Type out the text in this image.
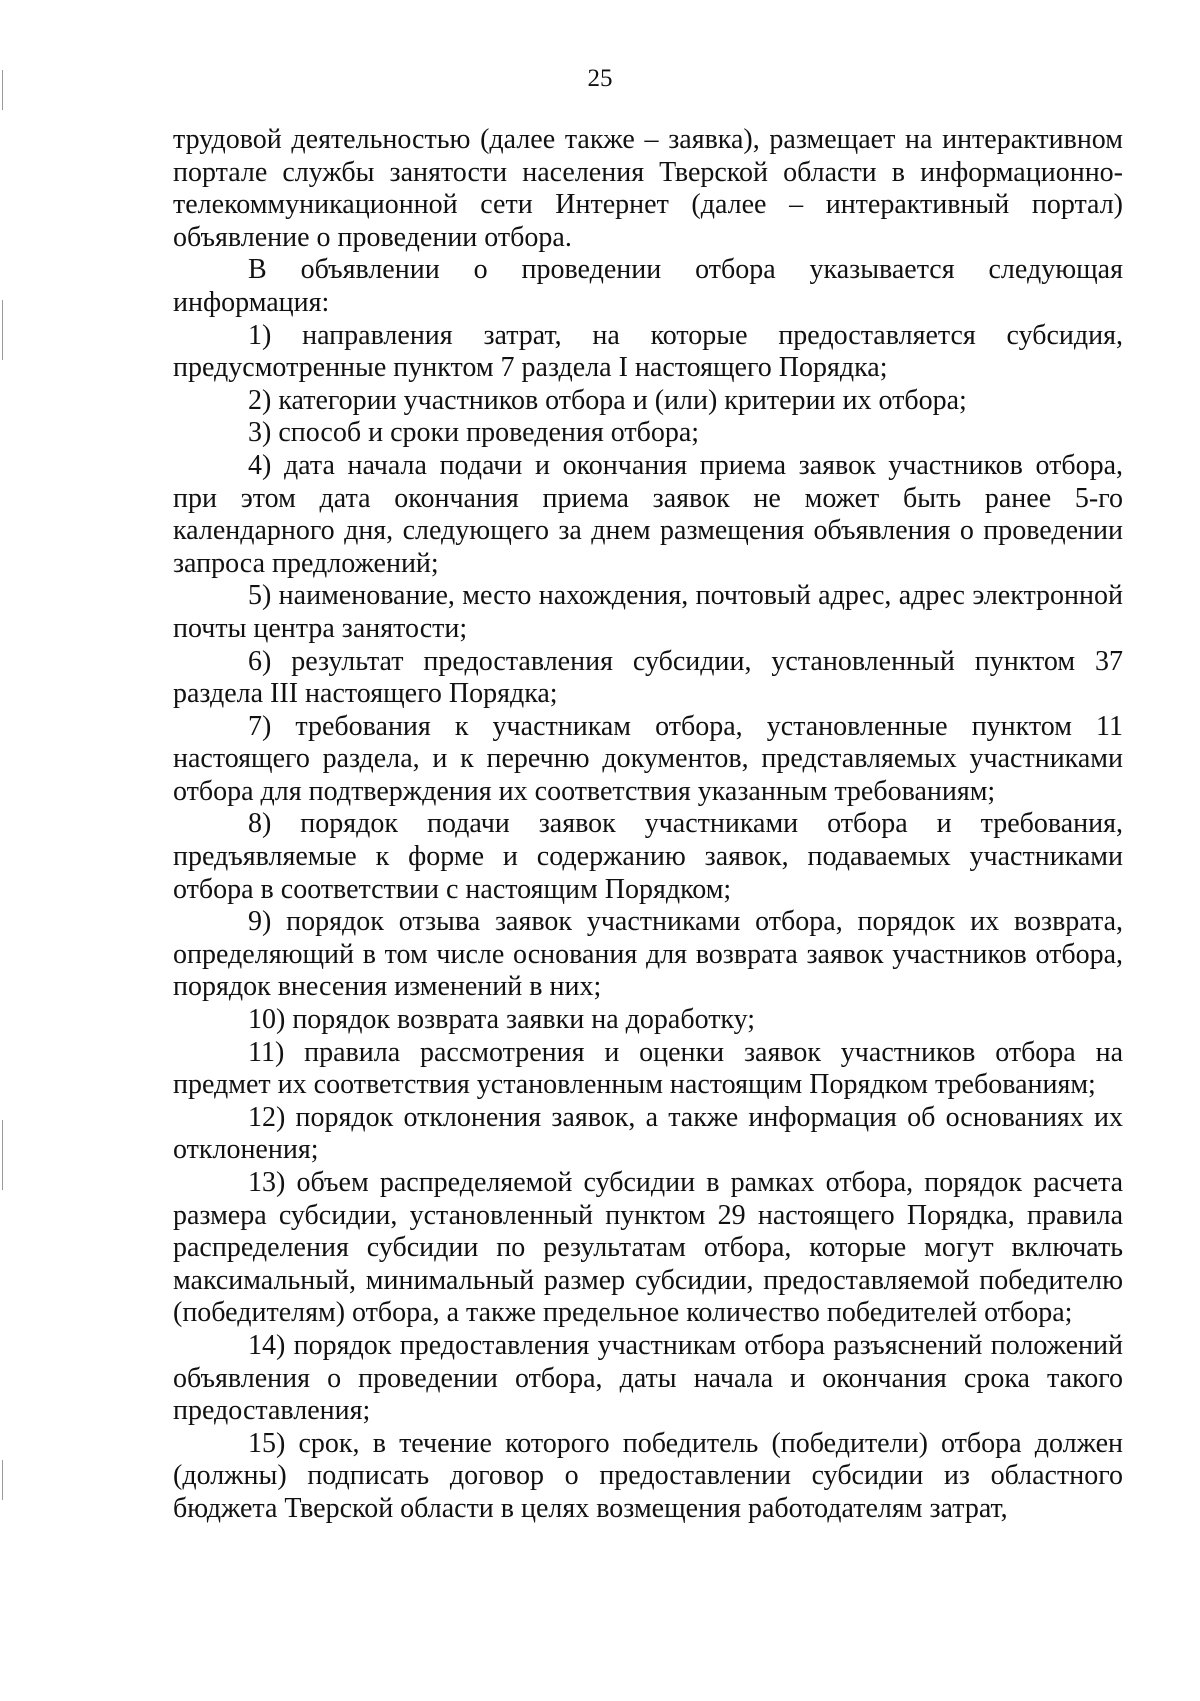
25

трудовой деятельностью (далее также – заявка), размещает на интерактивном портале службы занятости населения Тверской области в информационно-телекоммуникационной сети Интернет (далее – интерактивный портал) объявление о проведении отбора.

В объявлении о проведении отбора указывается следующая информация:

1) направления затрат, на которые предоставляется субсидия, предусмотренные пунктом 7 раздела I настоящего Порядка;

2) категории участников отбора и (или) критерии их отбора;

3) способ и сроки проведения отбора;

4) дата начала подачи и окончания приема заявок участников отбора, при этом дата окончания приема заявок не может быть ранее 5-го календарного дня, следующего за днем размещения объявления о проведении запроса предложений;

5) наименование, место нахождения, почтовый адрес, адрес электронной почты центра занятости;

6) результат предоставления субсидии, установленный пунктом 37 раздела III настоящего Порядка;

7) требования к участникам отбора, установленные пунктом 11 настоящего раздела, и к перечню документов, представляемых участниками отбора для подтверждения их соответствия указанным требованиям;

8) порядок подачи заявок участниками отбора и требования, предъявляемые к форме и содержанию заявок, подаваемых участниками отбора в соответствии с настоящим Порядком;

9) порядок отзыва заявок участниками отбора, порядок их возврата, определяющий в том числе основания для возврата заявок участников отбора, порядок внесения изменений в них;

10) порядок возврата заявки на доработку;

11) правила рассмотрения и оценки заявок участников отбора на предмет их соответствия установленным настоящим Порядком требованиям;

12) порядок отклонения заявок, а также информация об основаниях их отклонения;

13) объем распределяемой субсидии в рамках отбора, порядок расчета размера субсидии, установленный пунктом 29 настоящего Порядка, правила распределения субсидии по результатам отбора, которые могут включать максимальный, минимальный размер субсидии, предоставляемой победителю (победителям) отбора, а также предельное количество победителей отбора;

14) порядок предоставления участникам отбора разъяснений положений объявления о проведении отбора, даты начала и окончания срока такого предоставления;

15) срок, в течение которого победитель (победители) отбора должен (должны) подписать договор о предоставлении субсидии из областного бюджета Тверской области в целях возмещения работодателям затрат,
